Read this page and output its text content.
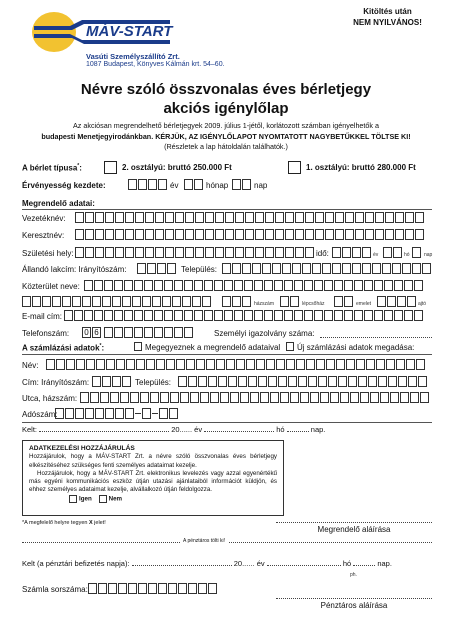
MÁV-START
Vasúti Személyszállító Zrt.
1087 Budapest, Könyves Kálmán krt. 54–60.
Kitöltés után
NEM NYILVÁNOS!
Névre szóló összvonalas éves bérletjegy
akciós igénylőlap
Az akciósan megrendelhető bérletjegyek 2009. július 1-jétől, korlátozott számban igényelhetők a
budapesti Menetjegyirodánkban. KÉRJÜK, AZ IGÉNYLŐLAPOT NYOMTATOTT NAGYBETŰKKEL TÖLTSE KI!
(Részletek a lap hátoldalán találhatók.)
A bérlet típusa*:	2. osztályú: bruttó 250.000 Ft	1. osztályú: bruttó 280.000 Ft
Érvényesség kezdete:	év	hónap	nap
Megrendelő adatai:
Vezetéknév:
Keresztnév:
Születési hely:	idő:	év	hó	nap
Állandó lakcím: Irányítószám:	Település:
Közterület neve:
házszám	lépcsőház	emelet	ajtó
E-mail cím:
Telefonszám: 0 6	Személyi igazolvány száma:
A számlázási adatok*:	Megegyeznek a megrendelő adataival Új számlázási adatok megadása:
Név:
Cím: Irányítószám:	Település:
Utca, házszám:
Adószám:
Kelt:	20...... év	hó	nap.
ADATKEZELÉSI HOZZÁJÁRULÁS
Hozzájárulok, hogy a MÁV-START Zrt. a névre szóló összvonalas éves bérletjegy elkészítéséhez szükséges fenti személyes adataimat kezelje.
Hozzájárulok, hogy a MÁV-START Zrt. elektronikus levelezés vagy azzal egyenértékű más egyéni kommunikációs eszköz útján utazási ajánlataiból információt küldjön, és ehhez személyes adataimat kezelje, alvállalkozó útján feldolgozza.
Igen	Nem
*A megfelelő helyre tegyen X jelet!
Megrendelő aláírása
A pénztáros tölti ki!
Kelt (a pénztári befizetés napja):	20...... év	hó	nap.
ph.
Számla sorszáma:
Pénztáros aláírása
